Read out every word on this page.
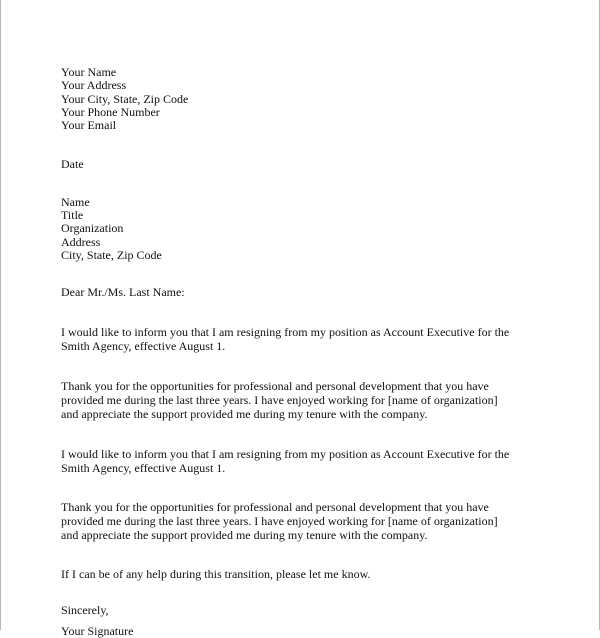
Your Name
Your Address
Your City, State, Zip Code
Your Phone Number
Your Email
Date
Name
Title
Organization
Address
City, State, Zip Code
Dear Mr./Ms. Last Name:
I would like to inform you that I am resigning from my position as Account Executive for the
Smith Agency, effective August 1.
Thank you for the opportunities for professional and personal development that you have
provided me during the last three years. I have enjoyed working for [name of organization]
and appreciate the support provided me during my tenure with the company.
I would like to inform you that I am resigning from my position as Account Executive for the
Smith Agency, effective August 1.
Thank you for the opportunities for professional and personal development that you have
provided me during the last three years. I have enjoyed working for [name of organization]
and appreciate the support provided me during my tenure with the company.
If I can be of any help during this transition, please let me know.
Sincerely,
Your Signature
